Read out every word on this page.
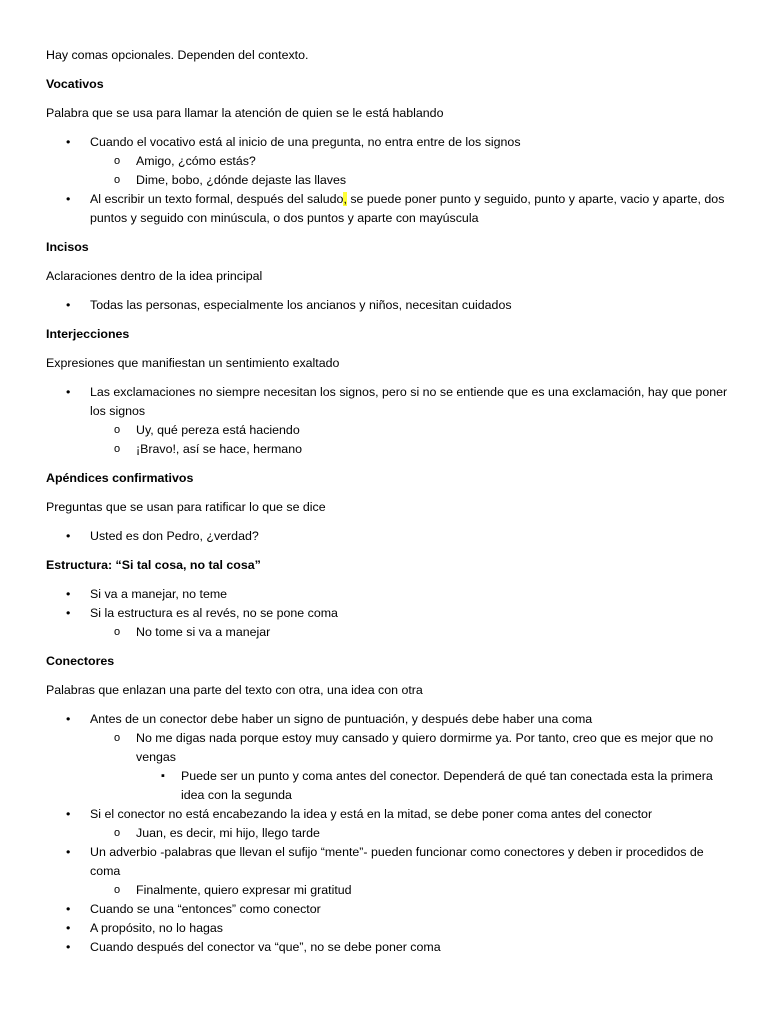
Hay comas opcionales. Dependen del contexto.

Vocativos

Palabra que se usa para llamar la atención de quien se le está hablando

• Cuando el vocativo está al inicio de una pregunta, no entra entre de los signos
o Amigo, ¿cómo estás?
o Dime, bobo, ¿dónde dejaste las llaves
• Al escribir un texto formal, después del saludo, se puede poner punto y seguido, punto y aparte, vacio y aparte, dos puntos y seguido con minúscula, o dos puntos y aparte con mayúscula

Incisos

Aclaraciones dentro de la idea principal

• Todas las personas, especialmente los ancianos y niños, necesitan cuidados

Interjecciones

Expresiones que manifiestan un sentimiento exaltado

• Las exclamaciones no siempre necesitan los signos, pero si no se entiende que es una exclamación, hay que poner los signos
o Uy, qué pereza está haciendo
o ¡Bravo!, así se hace, hermano

Apéndices confirmativos

Preguntas que se usan para ratificar lo que se dice

• Usted es don Pedro, ¿verdad?

Estructura: “Si tal cosa, no tal cosa”

• Si va a manejar, no teme
• Si la estructura es al revés, no se pone coma
o No tome si va a manejar

Conectores

Palabras que enlazan una parte del texto con otra, una idea con otra

• Antes de un conector debe haber un signo de puntuación, y después debe haber una coma
o No me digas nada porque estoy muy cansado y quiero dormirme ya. Por tanto, creo que es mejor que no vengas
▪ Puede ser un punto y coma antes del conector. Dependerá de qué tan conectada esta la primera idea con la segunda
• Si el conector no está encabezando la idea y está en la mitad, se debe poner coma antes del conector
o Juan, es decir, mi hijo, llego tarde
• Un adverbio -palabras que llevan el sufijo “mente”- pueden funcionar como conectores y deben ir procedidos de coma
o Finalmente, quiero expresar mi gratitud
• Cuando se una “entonces” como conector
• A propósito, no lo hagas
• Cuando después del conector va “que”, no se debe poner coma
